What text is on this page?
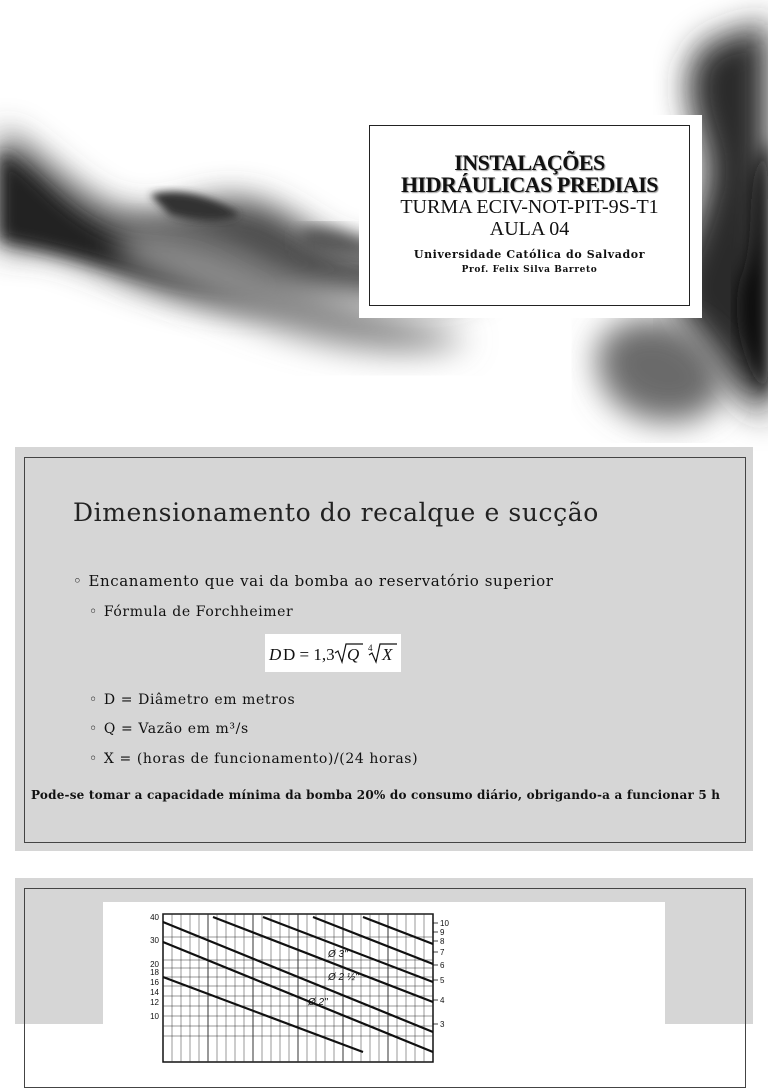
INSTALAÇÕES
HIDRÁULICAS PREDIAIS
TURMA ECIV-NOT-PIT-9S-T1
AULA 04
Universidade Católica do Salvador
Prof. Felix Silva Barreto
Dimensionamento do recalque e sucção
◦ Encanamento que vai da bomba ao reservatório superior
◦ Fórmula de Forchheimer
D D = 1,3 Q 4 X
◦ D = Diâmetro em metros
◦ Q = Vazão em m³/s
◦ X = (horas de funcionamento)/(24 horas)
Pode-se tomar a capacidade mínima da bomba 20% do consumo diário, obrigando-a a funcionar 5 h
40
30
20
18
16
14
12
10
10
9
8
7
6
5
4
3
Ø 3"
Ø 2 ½"
Ø 2"
